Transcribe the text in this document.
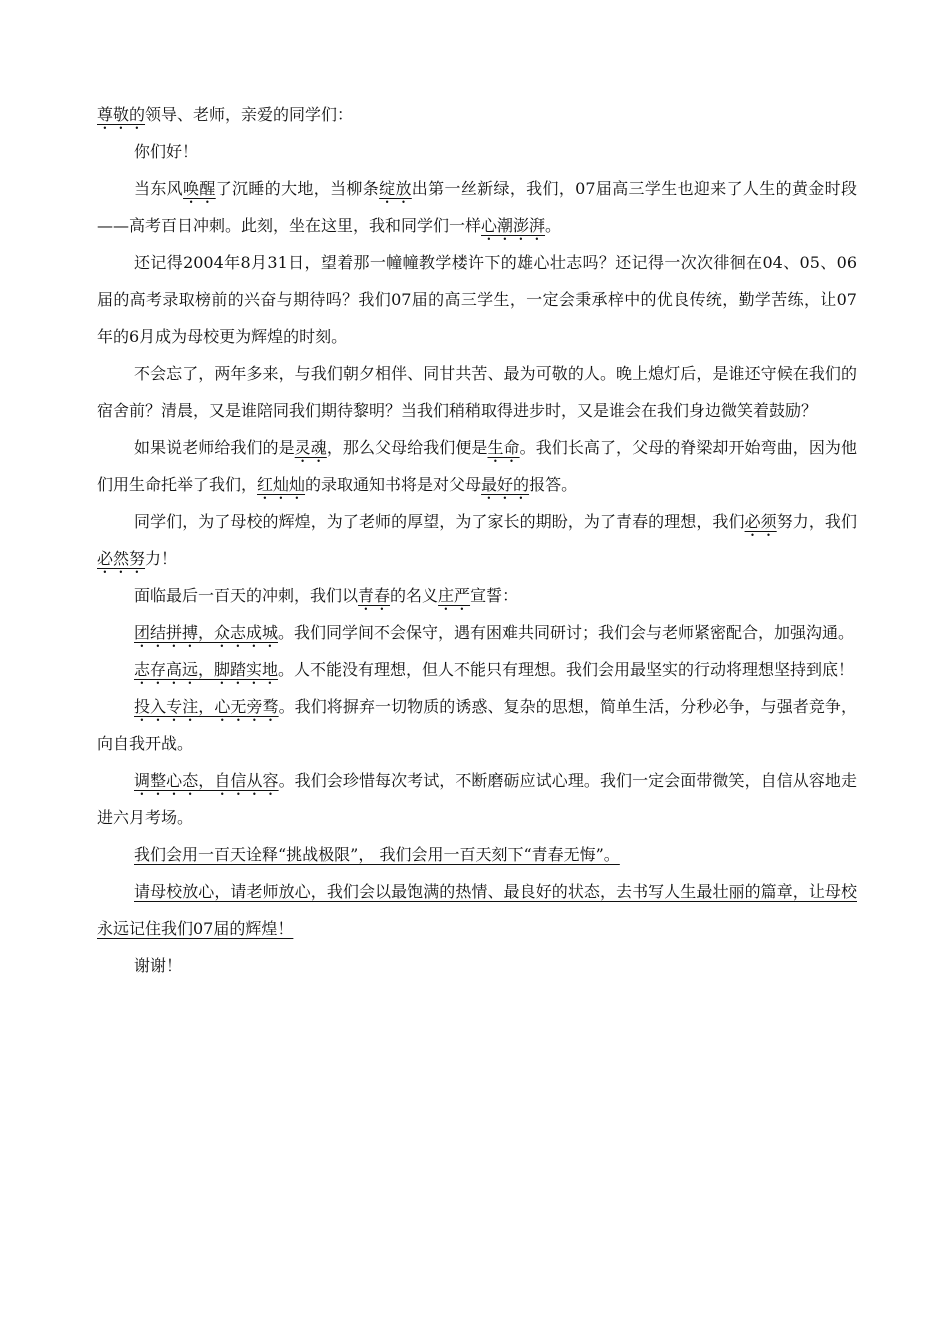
尊敬的领导、老师，亲爱的同学们：

你们好！

当东风唤醒了沉睡的大地，当柳条绽放出第一丝新绿，我们，07届高三学生也迎来了人生的黄金时段——高考百日冲刺。此刻，坐在这里，我和同学们一样心潮澎湃。

还记得2004年8月31日，望着那一幢幢教学楼许下的雄心壮志吗？还记得一次次徘徊在04、05、06届的高考录取榜前的兴奋与期待吗？我们07届的高三学生，一定会秉承梓中的优良传统，勤学苦练，让07 年的6月成为母校更为辉煌的时刻。

不会忘了，两年多来，与我们朝夕相伴、同甘共苦、最为可敬的人。晚上熄灯后，是谁还守候在我们的宿舍前？清晨，又是谁陪同我们期待黎明？当我们稍稍取得进步时，又是谁会在我们身边微笑着鼓励？

如果说老师给我们的是灵魂，那么父母给我们便是生命。我们长高了，父母的脊梁却开始弯曲，因为他们用生命托举了我们，红灿灿的录取通知书将是对父母最好的报答。

同学们，为了母校的辉煌，为了老师的厚望，为了家长的期盼，为了青春的理想，我们必须努力，我们必然努力！

面临最后一百天的冲刺，我们以青春的名义庄严宣誓：

团结拼搏，众志成城。我们同学间不会保守，遇有困难共同研讨；我们会与老师紧密配合，加强沟通。

志存高远，脚踏实地。人不能没有理想，但人不能只有理想。我们会用最坚实的行动将理想坚持到底！

投入专注，心无旁骛。我们将摒弃一切物质的诱惑、复杂的思想，简单生活，分秒必争，与强者竞争，向自我开战。

调整心态，自信从容。我们会珍惜每次考试，不断磨砺应试心理。我们一定会面带微笑，自信从容地走进六月考场。

我们会用一百天诠释“挑战极限”， 我们会用一百天刻下“青春无悔”。

请母校放心，请老师放心，我们会以最饱满的热情、最良好的状态，去书写人生最壮丽的篇章，让母校永远记住我们07届的辉煌！

谢谢！
